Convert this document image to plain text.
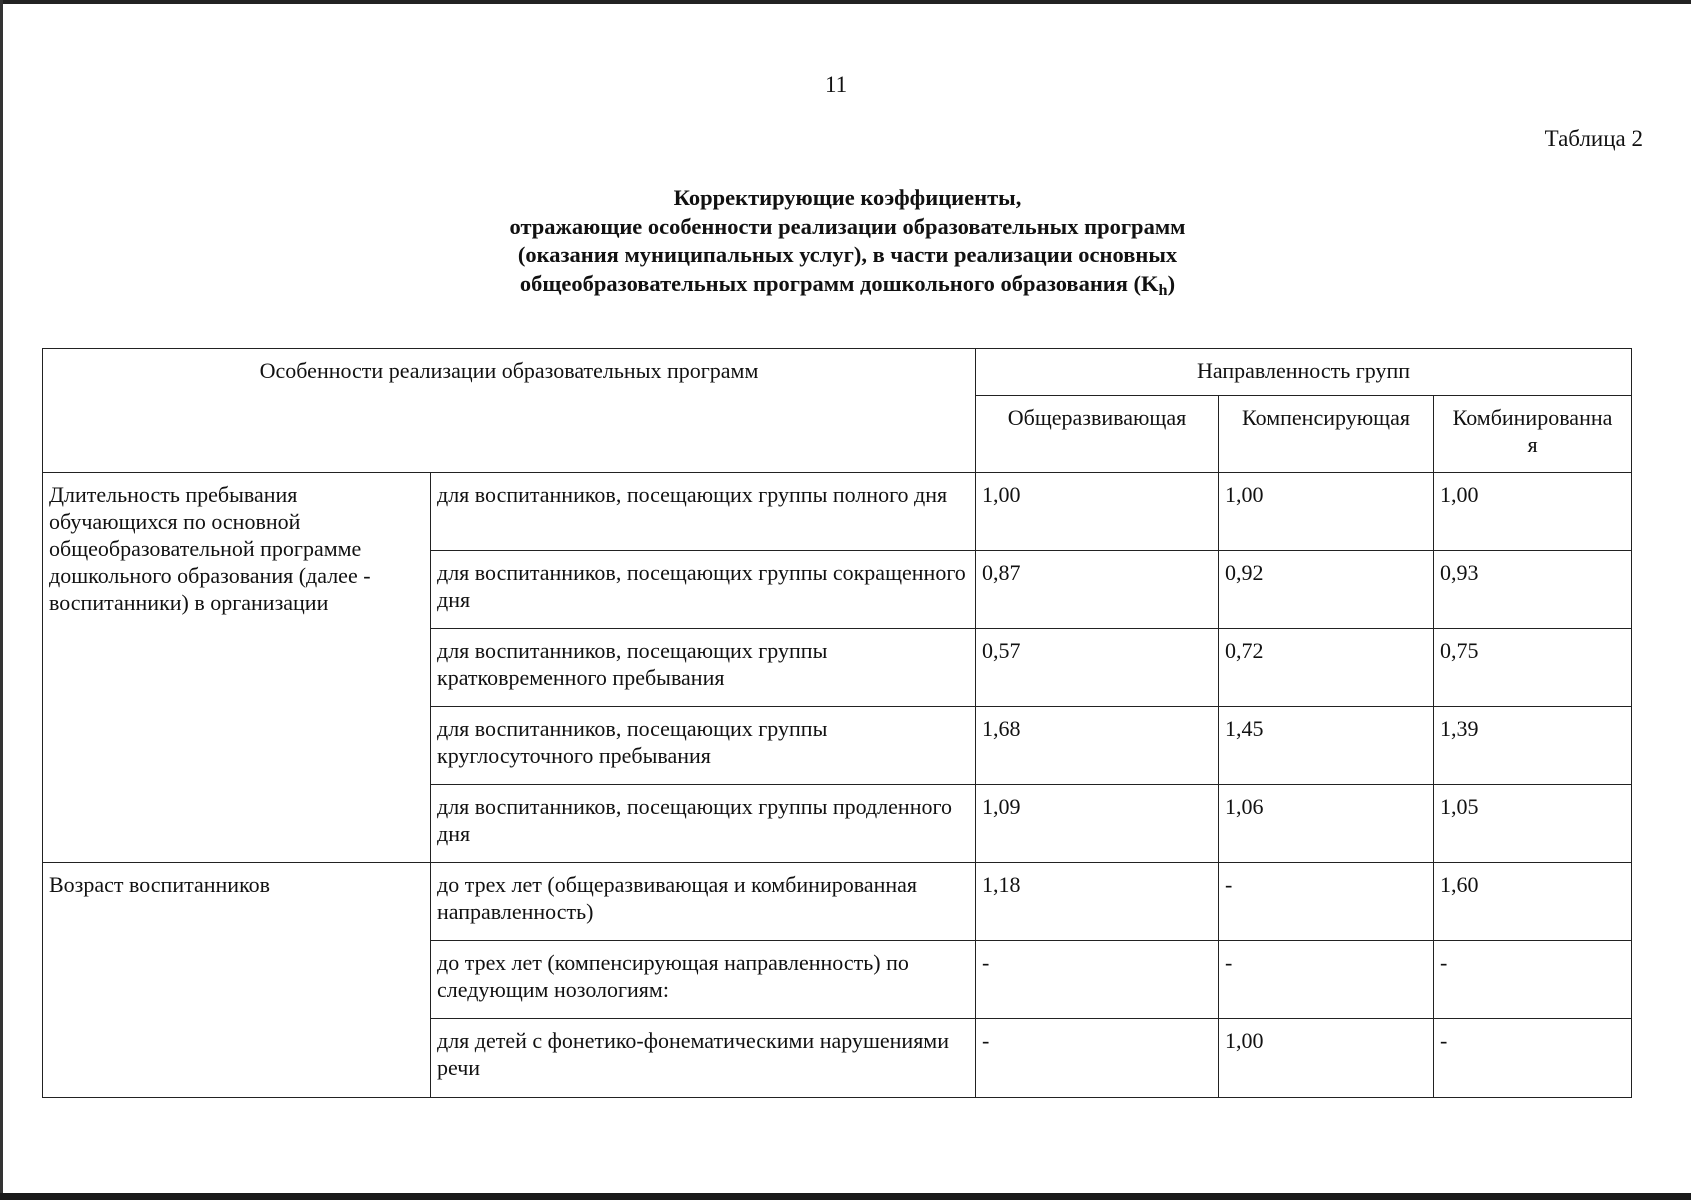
11
Таблица 2
Корректирующие коэффициенты,
отражающие особенности реализации образовательных программ
(оказания муниципальных услуг), в части реализации основных
общеобразовательных программ дошкольного образования (Kh)
Особенности реализации образовательных программ		Направленность групп		
		Общеразвивающая	Компенсирующая	Комбинированна
я
Длительность пребывания обучающихся по основной общеобразовательной программе дошкольного образования (далее - воспитанники) в организации	для воспитанников, посещающих группы полного дня	1,00	1,00	1,00
	для воспитанников, посещающих группы сокращенного дня	0,87	0,92	0,93
	для воспитанников, посещающих группы кратковременного пребывания	0,57	0,72	0,75
	для воспитанников, посещающих группы круглосуточного пребывания	1,68	1,45	1,39
	для воспитанников, посещающих группы продленного дня	1,09	1,06	1,05
Возраст воспитанников	до трех лет (общеразвивающая и комбинированная направленность)	1,18	-	1,60
	до трех лет (компенсирующая направленность) по следующим нозологиям:	-	-	-
	для детей с фонетико-фонематическими нарушениями речи	-	1,00	-
